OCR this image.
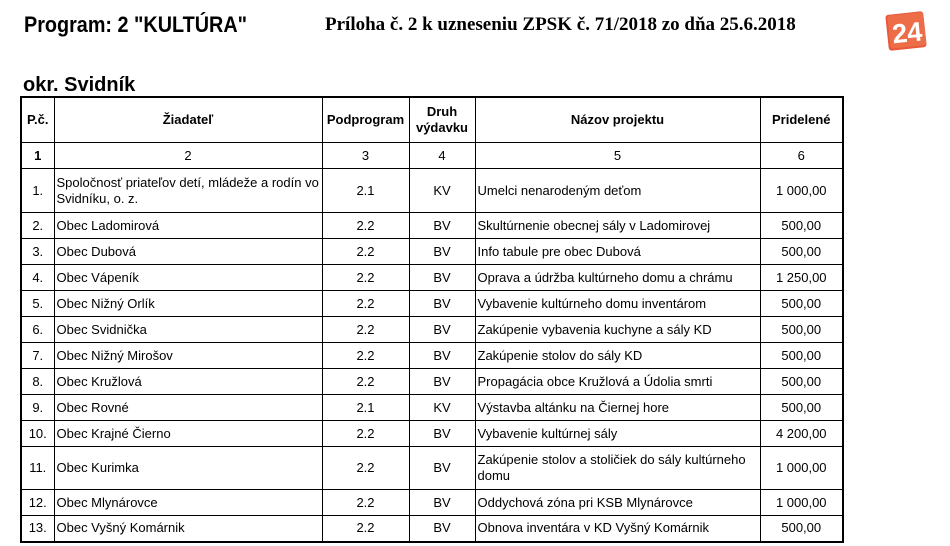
Program: 2 "KULTÚRA"	Príloha č. 2 k uzneseniu ZPSK č. 71/2018 zo dňa 25.6.2018	24
okr. Svidník
P.č.	Žiadateľ	Podprogram	Druh výdavku	Názov projektu	Pridelené
1	2	3	4	5	6
1.	Spoločnosť priateľov detí, mládeže a rodín vo Svidníku, o. z.	2.1	KV	Umelci nenarodeným deťom	1 000,00
2.	Obec Ladomirová	2.2	BV	Skultúrnenie obecnej sály v Ladomirovej	500,00
3.	Obec Dubová	2.2	BV	Info tabule pre obec Dubová	500,00
4.	Obec Vápeník	2.2	BV	Oprava a údržba kultúrneho domu a chrámu	1 250,00
5.	Obec Nižný Orlík	2.2	BV	Vybavenie kultúrneho domu inventárom	500,00
6.	Obec Svidnička	2.2	BV	Zakúpenie vybavenia kuchyne a sály KD	500,00
7.	Obec Nižný Mirošov	2.2	BV	Zakúpenie stolov do sály KD	500,00
8.	Obec Kružlová	2.2	BV	Propagácia obce Kružlová a Údolia smrti	500,00
9.	Obec Rovné	2.1	KV	Výstavba altánku na Čiernej hore	500,00
10.	Obec Krajné Čierno	2.2	BV	Vybavenie kultúrnej sály	4 200,00
11.	Obec Kurimka	2.2	BV	Zakúpenie stolov a stoličiek do sály kultúrneho domu	1 000,00
12.	Obec Mlynárovce	2.2	BV	Oddychová zóna pri KSB Mlynárovce	1 000,00
13.	Obec Vyšný Komárnik	2.2	BV	Obnova inventára v KD Vyšný Komárnik	500,00
